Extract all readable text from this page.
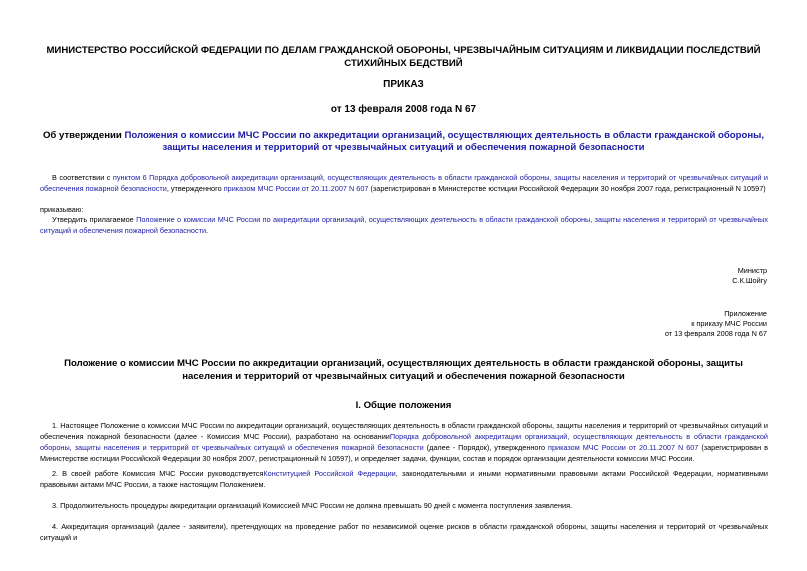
МИНИСТЕРСТВО РОССИЙСКОЙ ФЕДЕРАЦИИ ПО ДЕЛАМ ГРАЖДАНСКОЙ ОБОРОНЫ, ЧРЕЗВЫЧАЙНЫМ СИТУАЦИЯМ И ЛИКВИДАЦИИ ПОСЛЕДСТВИЙ СТИХИЙНЫХ БЕДСТВИЙ
ПРИКАЗ
от 13 февраля 2008 года N 67
Об утверждении Положения о комиссии МЧС России по аккредитации организаций, осуществляющих деятельность в области гражданской обороны, защиты населения и территорий от чрезвычайных ситуаций и обеспечения пожарной безопасности
В соответствии с пунктом 6 Порядка добровольной аккредитации организаций, осуществляющих деятельность в области гражданской обороны, защиты населения и территорий от чрезвычайных ситуаций и обеспечения пожарной безопасности, утвержденного приказом МЧС России от 20.11.2007 N 607 (зарегистрирован в Министерстве юстиции Российской Федерации 30 ноября 2007 года, регистрационный N 10597)
приказываю:
Утвердить прилагаемое Положение о комиссии МЧС России по аккредитации организаций, осуществляющих деятельность в области гражданской обороны, защиты населения и территорий от чрезвычайных ситуаций и обеспечения пожарной безопасности.
Министр
С.К.Шойгу
Приложение
к приказу МЧС России
от 13 февраля 2008 года N 67
Положение о комиссии МЧС России по аккредитации организаций, осуществляющих деятельность в области гражданской обороны, защиты населения и территорий от чрезвычайных ситуаций и обеспечения пожарной безопасности
I. Общие положения
1. Настоящее Положение о комиссии МЧС России по аккредитации организаций, осуществляющих деятельность в области гражданской обороны, защиты населения и территорий от чрезвычайных ситуаций и обеспечения пожарной безопасности (далее - Комиссия МЧС России), разработано на основанииПорядка добровольной аккредитации организаций, осуществляющих деятельность в области гражданской обороны, защиты населения и территорий от чрезвычайных ситуаций и обеспечения пожарной безопасности (далее - Порядок), утвержденного приказом МЧС России от 20.11.2007 N 607 (зарегистрирован в Министерстве юстиции Российской Федерации 30 ноября 2007, регистрационный N 10597), и определяет задачи, функции, состав и порядок организации деятельности комиссии МЧС России.
2. В своей работе Комиссия МЧС России руководствуетсяКонституцией Российской Федерации, законодательными и иными нормативными правовыми актами Российской Федерации, нормативными правовыми актами МЧС России, а также настоящим Положением.
3. Продолжительность процедуры аккредитации организаций Комиссией МЧС России не должна превышать 90 дней с момента поступления заявления.
4. Аккредитация организаций (далее - заявители), претендующих на проведение работ по независимой оценке рисков в области гражданской обороны, защиты населения и территорий от чрезвычайных ситуаций и
